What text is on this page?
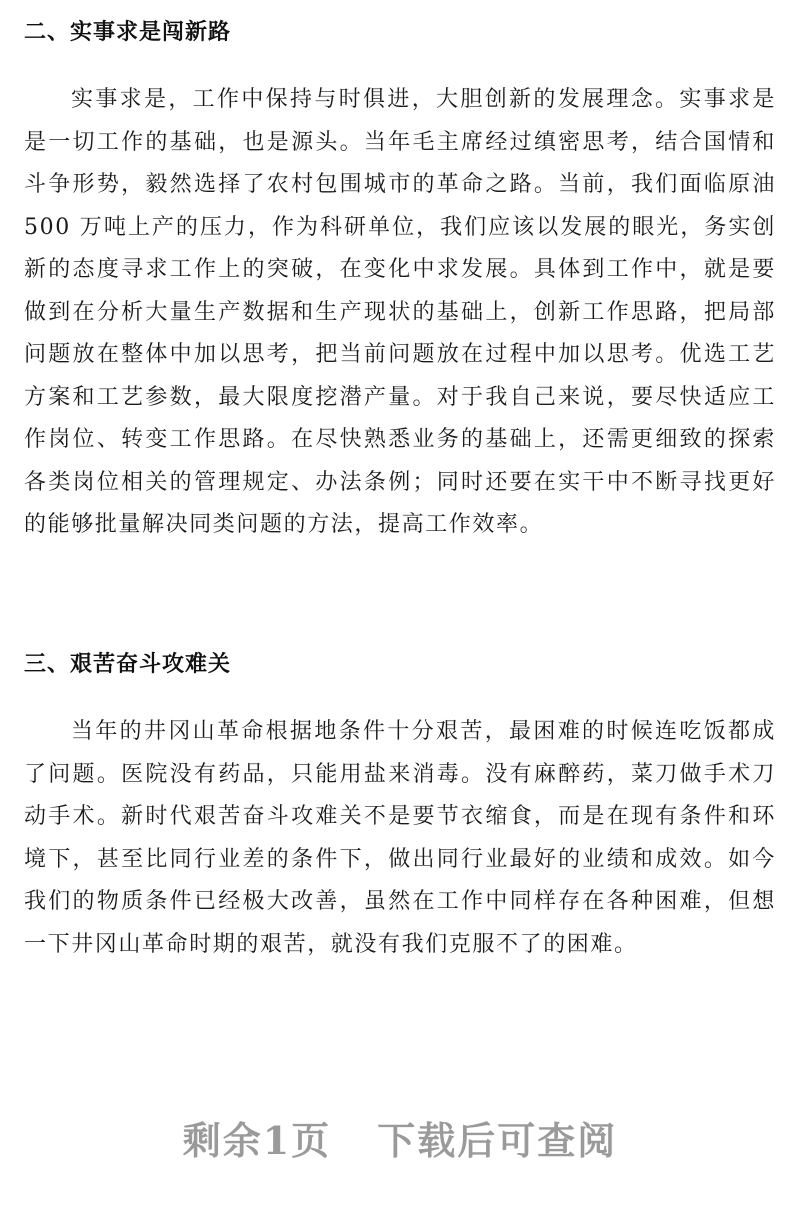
二、实事求是闯新路

实事求是，工作中保持与时俱进，大胆创新的发展理念。实事求是是一切工作的基础，也是源头。当年毛主席经过缜密思考，结合国情和斗争形势，毅然选择了农村包围城市的革命之路。当前，我们面临原油 500 万吨上产的压力，作为科研单位，我们应该以发展的眼光，务实创新的态度寻求工作上的突破，在变化中求发展。具体到工作中，就是要做到在分析大量生产数据和生产现状的基础上，创新工作思路，把局部问题放在整体中加以思考，把当前问题放在过程中加以思考。优选工艺方案和工艺参数，最大限度挖潜产量。对于我自己来说，要尽快适应工作岗位、转变工作思路。在尽快熟悉业务的基础上，还需更细致的探索各类岗位相关的管理规定、办法条例；同时还要在实干中不断寻找更好的能够批量解决同类问题的方法，提高工作效率。

三、艰苦奋斗攻难关

当年的井冈山革命根据地条件十分艰苦，最困难的时候连吃饭都成了问题。医院没有药品，只能用盐来消毒。没有麻醉药，菜刀做手术刀动手术。新时代艰苦奋斗攻难关不是要节衣缩食，而是在现有条件和环境下，甚至比同行业差的条件下，做出同行业最好的业绩和成效。如今我们的物质条件已经极大改善，虽然在工作中同样存在各种困难，但想一下井冈山革命时期的艰苦，就没有我们克服不了的困难。

剩余1页 下载后可查阅
